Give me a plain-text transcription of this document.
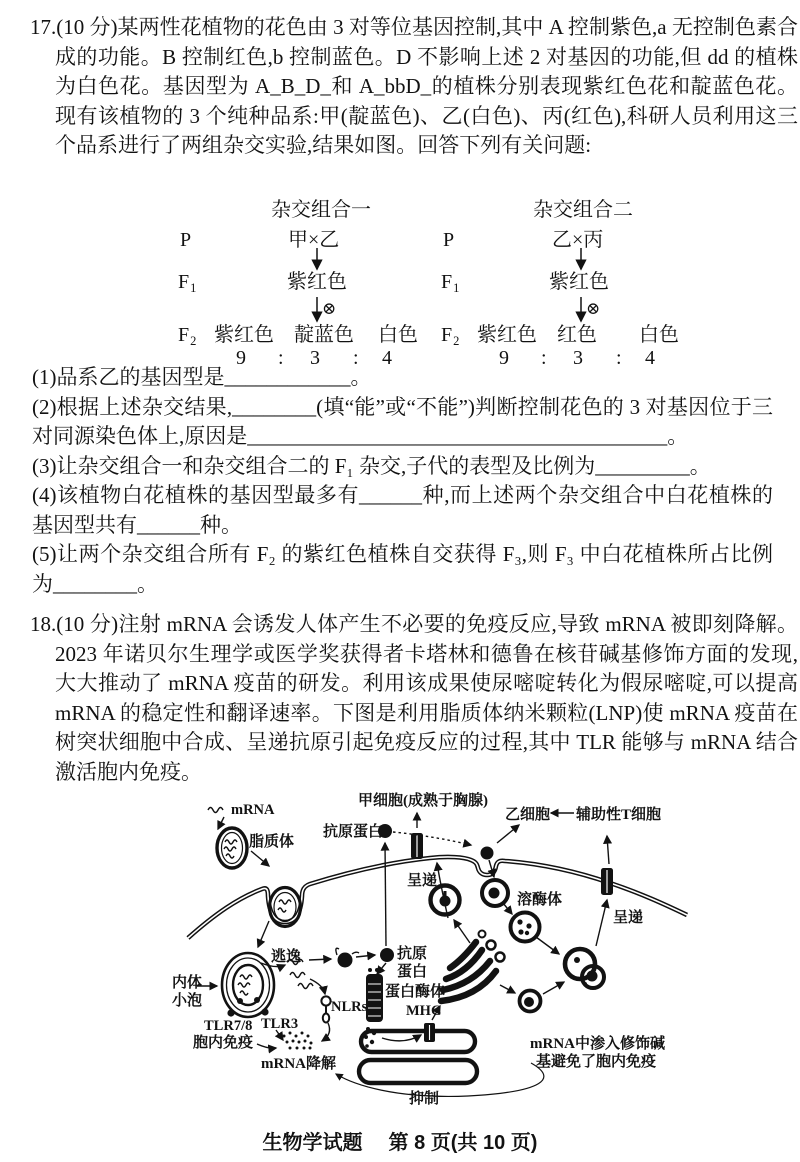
17.(10 分)某两性花植物的花色由 3 对等位基因控制,其中 A 控制紫色,a 无控制色素合成的功能。B 控制红色,b 控制蓝色。D 不影响上述 2 对基因的功能,但 dd 的植株为白色花。基因型为 A_B_D_和 A_bbD_的植株分别表现紫红色花和靛蓝色花。现有该植物的 3 个纯种品系:甲(靛蓝色)、乙(白色)、丙(红色),科研人员利用这三个品系进行了两组杂交实验,结果如图。回答下列有关问题:
杂交组合一
P	甲×乙
$F_1$	紫红色
⊗
$F_2$ 紫红色 靛蓝色 白色
9 : 3 : 4
杂交组合二
P	乙×丙
$F_1$	紫红色
⊗
$F_2$ 紫红色 红色 白色
9 : 3 : 4

(1)品系乙的基因型是____________。

(2)根据上述杂交结果,________(填“能”或“不能”)判断控制花色的 3 对基因位于三对同源染色体上,原因是________________________________________。

(3)让杂交组合一和杂交组合二的 F₁ 杂交,子代的表型及比例为_________。

(4)该植物白花植株的基因型最多有______种,而上述两个杂交组合中白花植株的基因型共有______种。

(5)让两个杂交组合所有 F₂ 的紫红色植株自交获得 F₃,则 F₃ 中白花植株所占比例为________。

18.(10 分)注射 mRNA 会诱发人体产生不必要的免疫反应,导致 mRNA 被即刻降解。2023 年诺贝尔生理学或医学奖获得者卡塔林和德鲁在核苷碱基修饰方面的发现,大大推动了 mRNA 疫苗的研发。利用该成果使尿嘧啶转化为假尿嘧啶,可以提高 mRNA 的稳定性和翻译速率。下图是利用脂质体纳米颗粒(LNP)使 mRNA 疫苗在树突状细胞中合成、呈递抗原引起免疫反应的过程,其中 TLR 能够与 mRNA 结合激活胞内免疫。
mRNA
脂质体
甲细胞(成熟于胸腺)
抗原蛋白
乙细胞 辅助性T细胞
呈递
溶酶体
呈递
逃逸
内体
小泡
TLR7/8
胞内免疫
TLR3
NLRs
mRNA降解
抗原
蛋白
蛋白酶体
MHC
mRNA中渗入修饰碱
基避免了胞内免疫
抑制
生物学试题 第 8 页(共 10 页)
